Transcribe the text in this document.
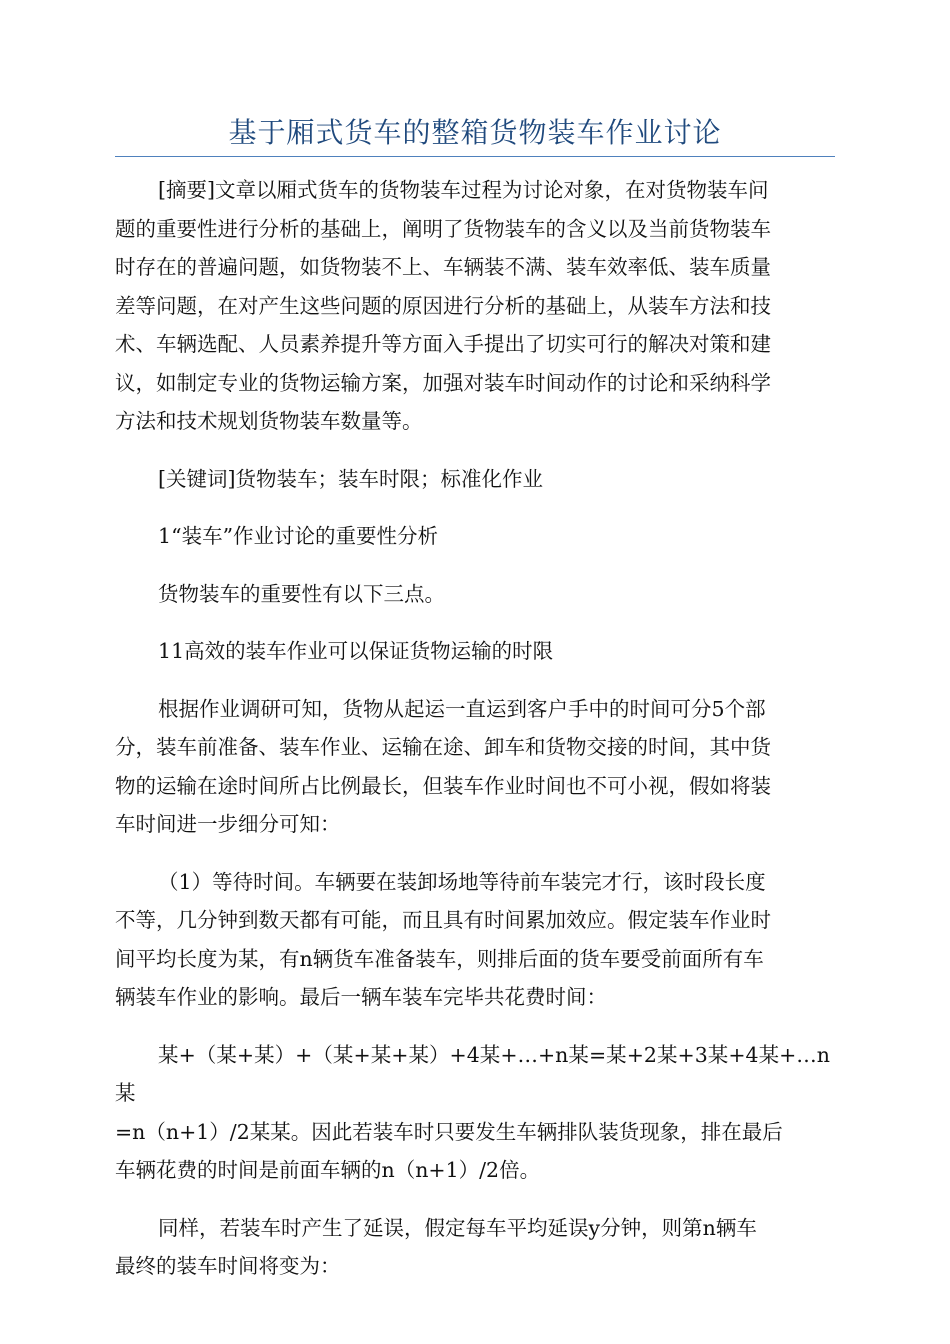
基于厢式货车的整箱货物装车作业讨论

[摘要]文章以厢式货车的货物装车过程为讨论对象，在对货物装车问
题的重要性进行分析的基础上，阐明了货物装车的含义以及当前货物装车
时存在的普遍问题，如货物装不上、车辆装不满、装车效率低、装车质量
差等问题，在对产生这些问题的原因进行分析的基础上，从装车方法和技
术、车辆选配、人员素养提升等方面入手提出了切实可行的解决对策和建
议，如制定专业的货物运输方案，加强对装车时间动作的讨论和采纳科学
方法和技术规划货物装车数量等。

[关键词]货物装车；装车时限；标准化作业

1“装车”作业讨论的重要性分析

货物装车的重要性有以下三点。

11高效的装车作业可以保证货物运输的时限

根据作业调研可知，货物从起运一直运到客户手中的时间可分5个部
分，装车前准备、装车作业、运输在途、卸车和货物交接的时间，其中货
物的运输在途时间所占比例最长，但装车作业时间也不可小视，假如将装
车时间进一步细分可知：

（1）等待时间。车辆要在装卸场地等待前车装完才行，该时段长度
不等，几分钟到数天都有可能，而且具有时间累加效应。假定装车作业时
间平均长度为某，有n辆货车准备装车，则排后面的货车要受前面所有车
辆装车作业的影响。最后一辆车装车完毕共花费时间：

某+（某+某）+（某+某+某）+4某+…+n某=某+2某+3某+4某+…n某
=n（n+1）/2某某。因此若装车时只要发生车辆排队装货现象，排在最后
车辆花费的时间是前面车辆的n（n+1）/2倍。

同样，若装车时产生了延误，假定每车平均延误y分钟，则第n辆车
最终的装车时间将变为：
